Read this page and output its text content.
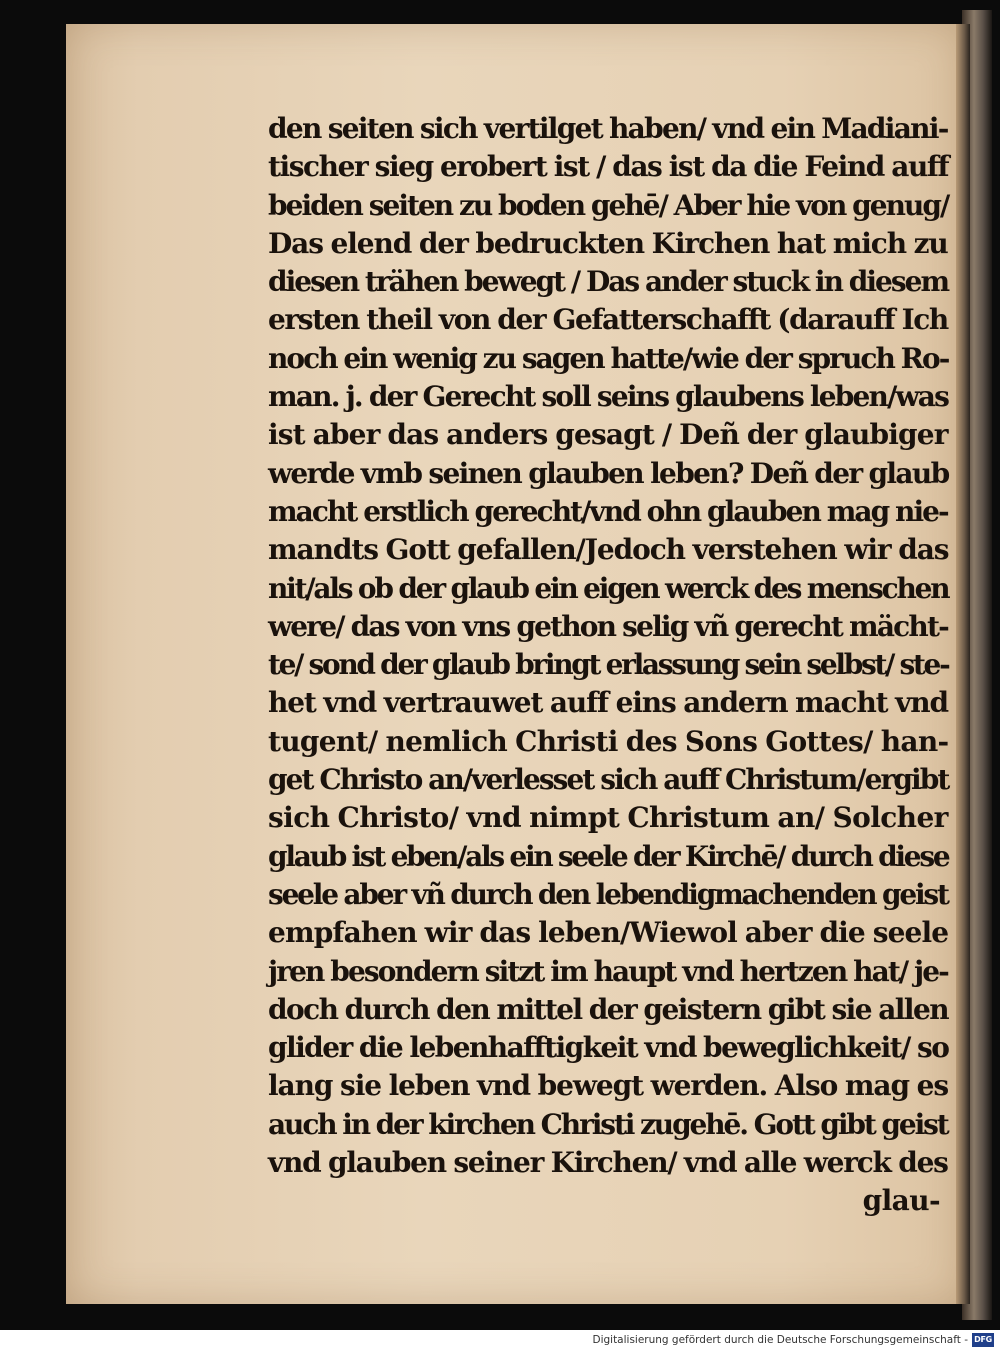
den seiten sich vertilget haben/ vnd ein Madiani-
tischer sieg erobert ist / das ist da die Feind auff
beiden seiten zu boden gehē/ Aber hie von genug/
Das elend der bedruckten Kirchen hat mich zu
diesen trähen bewegt / Das ander stuck in diesem
ersten theil von der Gefatterschafft (darauff Ich
noch ein wenig zu sagen hatte/wie der spruch Ro-
man. j. der Gerecht soll seins glaubens leben/was
ist aber das anders gesagt / Deñ der glaubiger
werde vmb seinen glauben leben? Deñ der glaub
macht erstlich gerecht/vnd ohn glauben mag nie-
mandts Gott gefallen/Jedoch verstehen wir das
nit/als ob der glaub ein eigen werck des menschen
were/ das von vns gethon selig vñ gerecht mächt-
te/ sond der glaub bringt erlassung sein selbst/ ste-
het vnd vertrauwet auff eins andern macht vnd
tugent/ nemlich Christi des Sons Gottes/ han-
get Christo an/verlesset sich auff Christum/ergibt
sich Christo/ vnd nimpt Christum an/ Solcher
glaub ist eben/als ein seele der Kirchē/ durch diese
seele aber vñ durch den lebendigmachenden geist
empfahen wir das leben/Wiewol aber die seele
jren besondern sitzt im haupt vnd hertzen hat/ je-
doch durch den mittel der geistern gibt sie allen
glider die lebenhafftigkeit vnd beweglichkeit/ so
lang sie leben vnd bewegt werden. Also mag es
auch in der kirchen Christi zugehē. Gott gibt geist
vnd glauben seiner Kirchen/ vnd alle werck des
glau-
Digitalisierung gefördert durch die Deutsche Forschungsgemeinschaft - DFG
